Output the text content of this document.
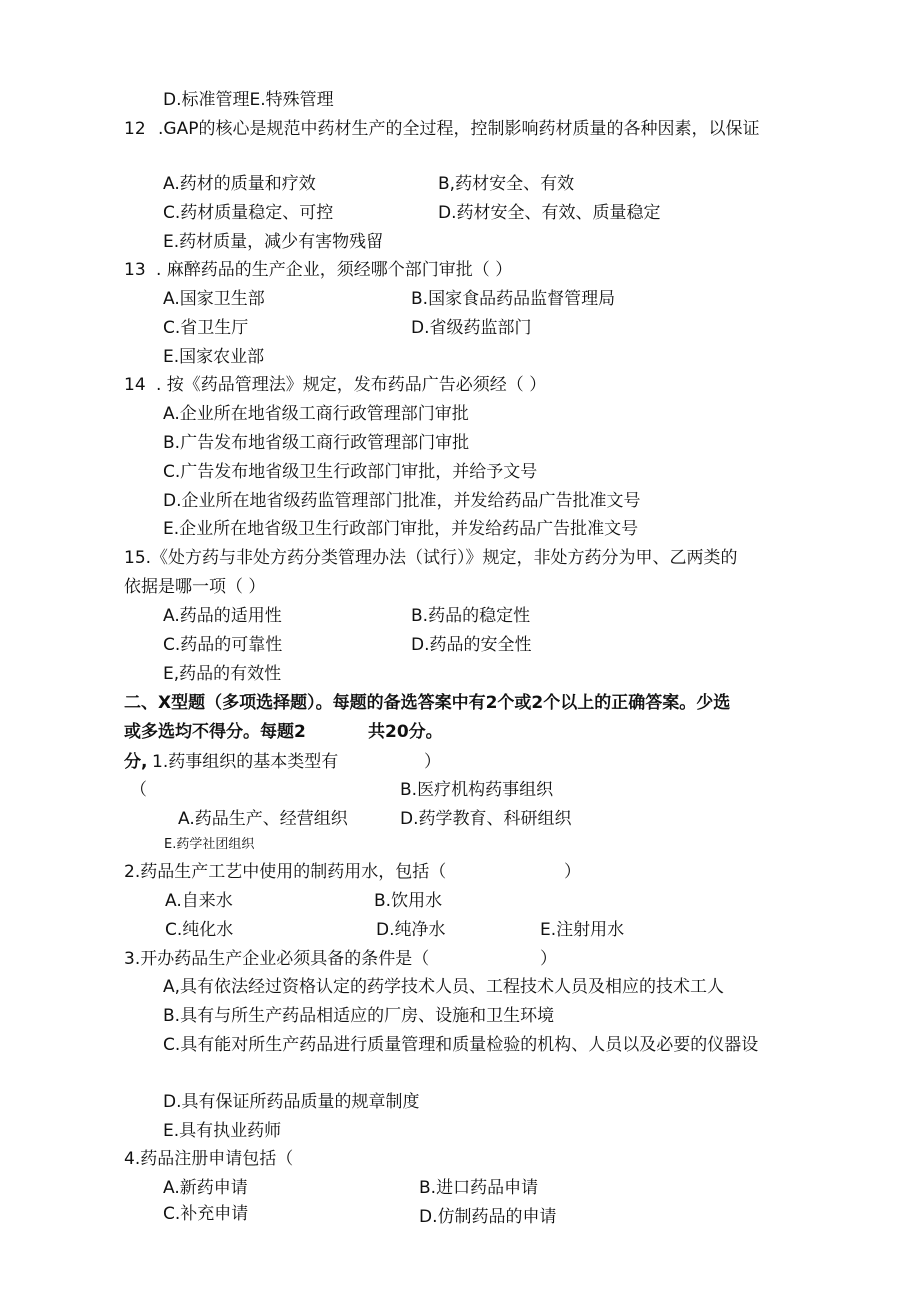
D.标准管理E.特殊管理
12 .GAP的核心是规范中药材生产的全过程，控制影响药材质量的各种因素，以保证
A.药材的质量和疗效	B,药材安全、有效
C.药材质量稳定、可控	D.药材安全、有效、质量稳定
E.药材质量，减少有害物残留
13 . 麻醉药品的生产企业，须经哪个部门审批（ ）
A.国家卫生部	B.国家食品药品监督管理局
C.省卫生厅	D.省级药监部门
E.国家农业部
14 . 按《药品管理法》规定，发布药品广告必须经（ ）
A.企业所在地省级工商行政管理部门审批
B.广告发布地省级工商行政管理部门审批
C.广告发布地省级卫生行政部门审批，并给予文号
D.企业所在地省级药监管理部门批准，并发给药品广告批准文号
E.企业所在地省级卫生行政部门审批，并发给药品广告批准文号
15.《处方药与非处方药分类管理办法（试行）》规定，非处方药分为甲、乙两类的
依据是哪一项（ ）
A.药品的适用性	B.药品的稳定性
C.药品的可靠性	D.药品的安全性
E,药品的有效性
二、X型题（多项选择题）。每题的备选答案中有2个或2个以上的正确答案。少选
或多选均不得分。每题2	共20分。
分, 1.药事组织的基本类型有	）
（	B.医疗机构药事组织
A.药品生产、经营组织	D.药学教育、科研组织
E.药学社团组织
2.药品生产工艺中使用的制药用水，包括（	）
A.自来水	B.饮用水
C.纯化水	D.纯净水	E.注射用水
3.开办药品生产企业必须具备的条件是（	）
A,具有依法经过资格认定的药学技术人员、工程技术人员及相应的技术工人
B.具有与所生产药品相适应的厂房、设施和卫生环境
C.具有能对所生产药品进行质量管理和质量检验的机构、人员以及必要的仪器设
D.具有保证所药品质量的规章制度
E.具有执业药师
4.药品注册申请包括（
A.新药申请	B.进口药品申请
C.补充申请	D.仿制药品的申请
